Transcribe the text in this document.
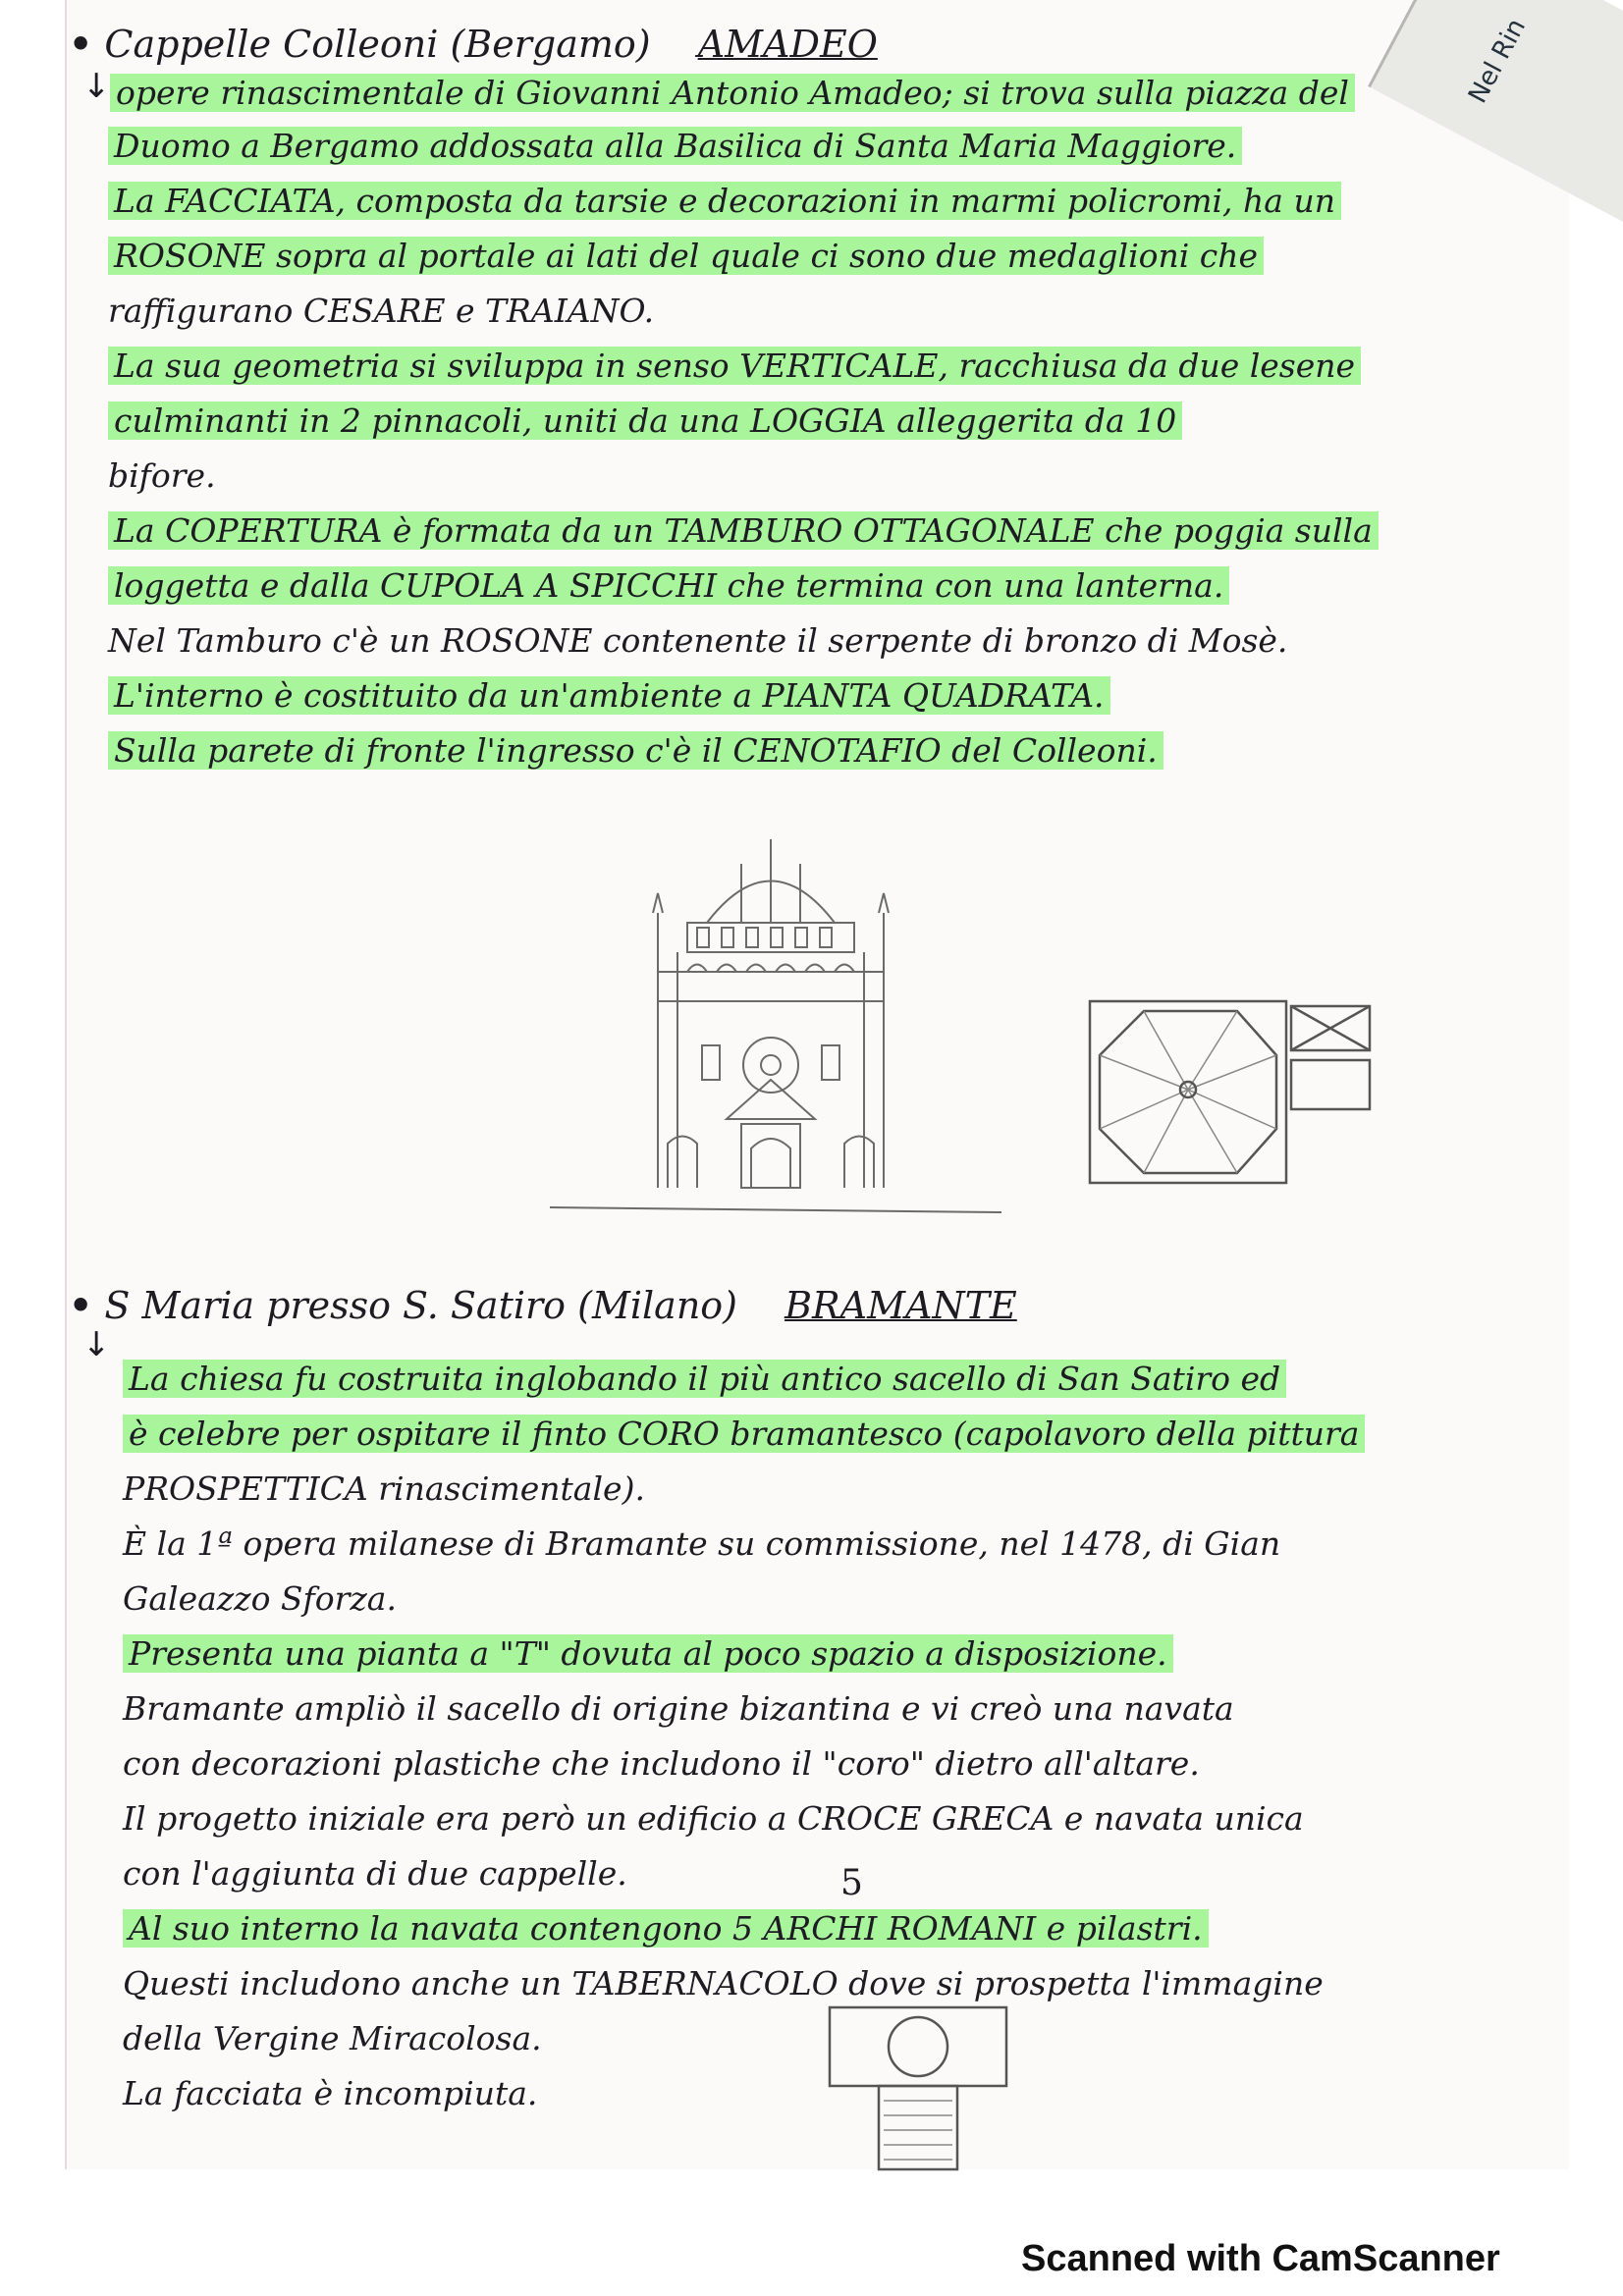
Nel Rin
• Cappelle Colleoni (Bergamo) AMADEO
↓ opere rinascimentale di Giovanni Antonio Amadeo; si trova sulla piazza del
Duomo a Bergamo addossata alla Basilica di Santa Maria Maggiore.
La FACCIATA, composta da tarsie e decorazioni in marmi policromi, ha un
ROSONE sopra al portale ai lati del quale ci sono due medaglioni che
raffigurano CESARE e TRAIANO.
La sua geometria si sviluppa in senso VERTICALE, racchiusa da due lesene
culminanti in 2 pinnacoli, uniti da una LOGGIA alleggerita da 10
bifore.
La COPERTURA è formata da un TAMBURO OTTAGONALE che poggia sulla
loggetta e dalla CUPOLA A SPICCHI che termina con una lanterna.
Nel Tamburo c'è un ROSONE contenente il serpente di bronzo di Mosè.
L'interno è costituito da un'ambiente a PIANTA QUADRATA.
Sulla parete di fronte l'ingresso c'è il CENOTAFIO del Colleoni.
• S Maria presso S. Satiro (Milano) BRAMANTE
↓
La chiesa fu costruita inglobando il più antico sacello di San Satiro ed
è celebre per ospitare il finto CORO bramantesco (capolavoro della pittura
PROSPETTICA rinascimentale).
È la 1ª opera milanese di Bramante su commissione, nel 1478, di Gian
Galeazzo Sforza.
Presenta una pianta a "T" dovuta al poco spazio a disposizione.
Bramante ampliò il sacello di origine bizantina e vi creò una navata
con decorazioni plastiche che includono il "coro" dietro all'altare.
Il progetto iniziale era però un edificio a CROCE GRECA e navata unica
con l'aggiunta di due cappelle.
Al suo interno la navata contengono 5 ARCHI ROMANI e pilastri.
Questi includono anche un TABERNACOLO dove si prospetta l'immagine
della Vergine Miracolosa.
La facciata è incompiuta.
5
Scanned with CamScanner
